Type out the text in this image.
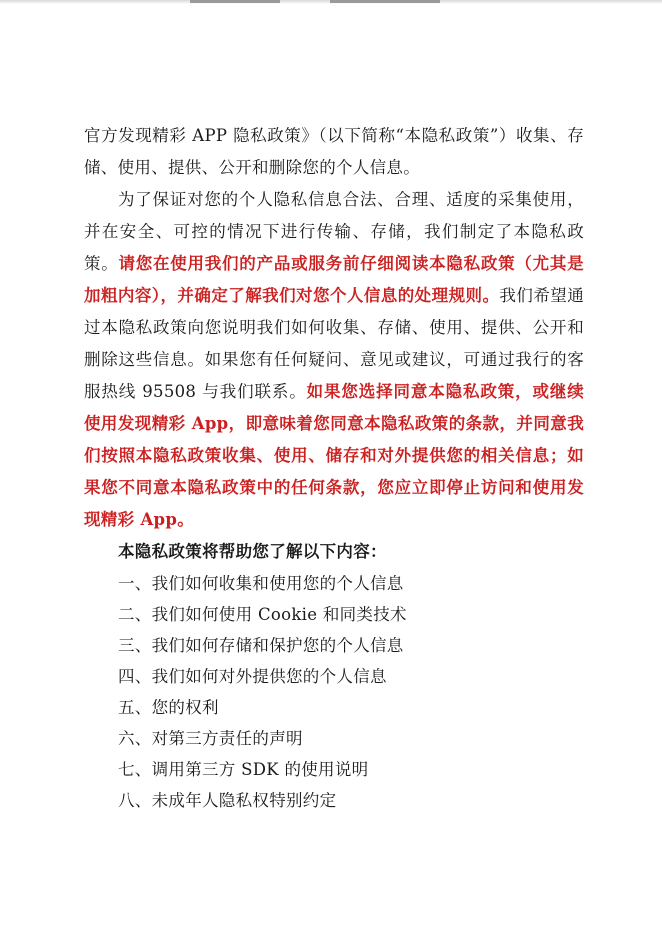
官方发现精彩 APP 隐私政策》（以下简称“本隐私政策”）收集、存储、使用、提供、公开和删除您的个人信息。

为了保证对您的个人隐私信息合法、合理、适度的采集使用，并在安全、可控的情况下进行传输、存储，我们制定了本隐私政策。请您在使用我们的产品或服务前仔细阅读本隐私政策（尤其是加粗内容），并确定了解我们对您个人信息的处理规则。我们希望通过本隐私政策向您说明我们如何收集、存储、使用、提供、公开和删除这些信息。如果您有任何疑问、意见或建议，可通过我行的客服热线 95508 与我们联系。如果您选择同意本隐私政策，或继续使用发现精彩 App，即意味着您同意本隐私政策的条款，并同意我们按照本隐私政策收集、使用、储存和对外提供您的相关信息；如果您不同意本隐私政策中的任何条款，您应立即停止访问和使用发现精彩 App。

本隐私政策将帮助您了解以下内容：

一、我们如何收集和使用您的个人信息
二、我们如何使用 Cookie 和同类技术
三、我们如何存储和保护您的个人信息
四、我们如何对外提供您的个人信息
五、您的权利
六、对第三方责任的声明
七、调用第三方 SDK 的使用说明
八、未成年人隐私权特别约定
